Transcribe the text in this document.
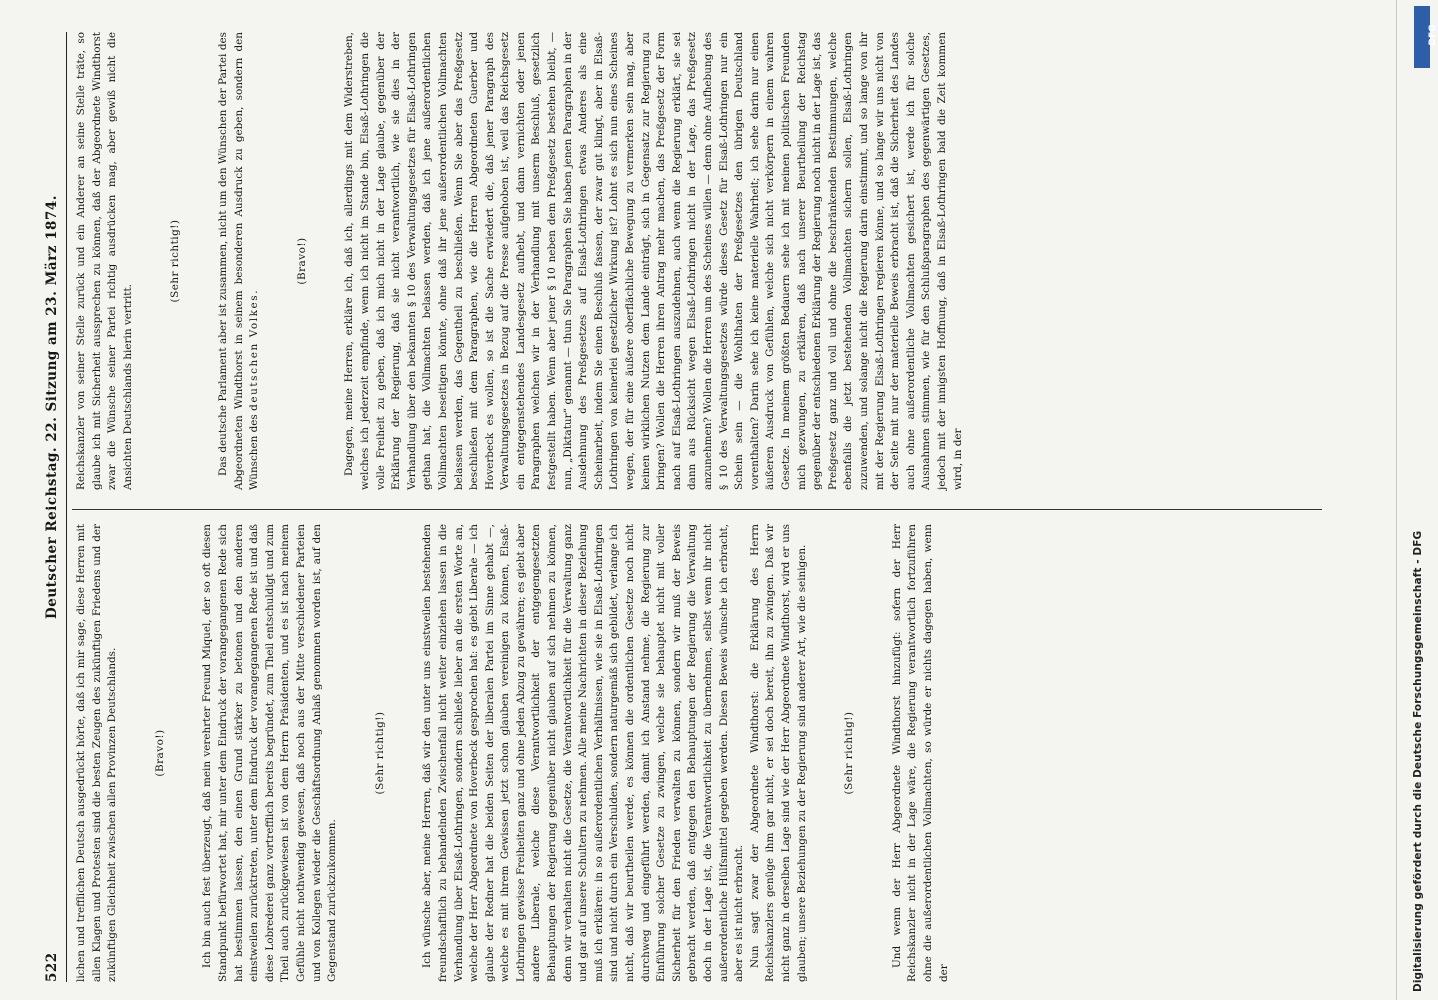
522
Deutscher Reichstag. 22. Sitzung am 23. März 1874.

lichen und trefflichen Deutsch ausgedrückt hörte, daß ich mir sage, diese Herren mit allen Klagen und Protesten sind die besten Zeugen des zukünftigen Friedens und der zukünftigen Gleichheit zwischen allen Provinzen Deutschlands.	(Bravo!)	Ich bin auch fest überzeugt, daß mein verehrter Freund Miquel, der so oft diesen Standpunkt befürwortet hat, mir unter dem Eindruck der vorangegangenen Rede sich hat bestimmen lassen, den einen Grund stärker zu betonen und den anderen einstweilen zurücktreten, unter dem Eindruck der vorangegangenen Rede ist und daß diese Lobrederei ganz vortrefflich bereits begründet, zum Theil entschuldigt und zum Theil auch zurückgewiesen ist von dem Herrn Präsidenten, und es ist nach meinem Gefühle nicht nothwendig gewesen, daß noch aus der Mitte verschiedener Parteien und von Kollegen wieder die Geschäftsordnung Anlaß genommen worden ist, auf den Gegenstand zurückzukommen.

(Sehr richtig!)	Ich wünsche aber, meine Herren, daß wir den unter uns einstweilen bestehenden freundschaftlich zu behandelnden Zwischenfall nicht weiter einziehen lassen in die Verhandlung über Elsaß-Lothringen, sondern schließe lieber an die ersten Worte an, welche der Herr Abgeordnete von Hoverbeck gesprochen hat: es giebt Liberale — ich glaube der Redner hat die beiden Seiten der liberalen Partei im Sinne gehabt —, welche es mit ihrem Gewissen jetzt schon glauben vereinigen zu können, Elsaß-Lothringen gewisse Freiheiten ganz und ohne jeden Abzug zu gewähren; es giebt aber andere Liberale, welche diese Verantwortlichkeit der entgegengesetzten Behauptungen der Regierung gegenüber nicht glauben auf sich nehmen zu können, denn wir verhalten nicht die Gesetze, die Verantwortlichkeit für die Verwaltung ganz und gar auf unsere Schultern zu nehmen. Alle meine Nachrichten in dieser Beziehung muß ich erklären: in so außerordentlichen Verhältnissen, wie sie in Elsaß-Lothringen sind und nicht durch ein Verschulden, sondern naturgemäß sich gebildet, verlange ich nicht, daß wir beurtheilen werde, es können die ordentlichen Gesetze noch nicht durchweg und eingeführt werden, damit ich Anstand nehme, die Regierung zur Einführung solcher Gesetze zu zwingen, welche sie behauptet nicht mit voller Sicherheit für den Frieden verwalten zu können, sondern wir muß der Beweis gebracht werden, daß entgegen den Behauptungen der Regierung die Verwaltung doch in der Lage ist, die Verantwortlichkeit zu übernehmen, selbst wenn ihr nicht außerordentliche Hülfsmittel gegeben werden. Diesen Beweis wünsche ich erbracht, aber es ist nicht erbracht. Nun sagt zwar der Abgeordnete Windthorst: die Erklärung des Herrn Reichskanzlers genüge ihm gar nicht, er sei doch bereit, ihn zu zwingen. Daß wir nicht ganz in derselben Lage sind wie der Herr Abgeordnete Windthorst, wird er uns glauben; unsere Beziehungen zu der Regierung sind anderer Art, wie die seinigen.	(Sehr richtig!)	Und wenn der Herr Abgeordnete Windthorst hinzufügt: sofern der Herr Reichskanzler nicht in der Lage wäre, die Regierung verantwortlich fortzuführen ohne die außerordentlichen Vollmachten, so würde er nichts dagegen haben, wenn der

Reichskanzler von seiner Stelle zurück und ein Anderer an seine Stelle träte, so glaube ich mit Sicherheit aussprechen zu können, daß der Abgeordnete Windthorst zwar die Wünsche seiner Partei richtig ausdrücken mag, aber gewiß nicht die Ansichten Deutschlands hierin vertritt.

(Sehr richtig!)	Das deutsche Parlament aber ist zusammen, nicht um den Wünschen der Partei des Abgeordneten Windthorst in seinem besonderen Ausdruck zu geben, sondern den Wünschen des deutschen Volkes.

(Bravo!)	Dagegen, meine Herren, erkläre ich, daß ich, allerdings mit dem Widerstreben, welches ich jederzeit empfinde, wenn ich nicht im Stande bin, Elsaß-Lothringen die volle Freiheit zu geben, daß ich mich nicht in der Lage glaube, gegenüber der Erklärung der Regierung, daß sie nicht verantwortlich, wie sie dies in der Verhandlung über den bekannten § 10 des Verwaltungsgesetzes für Elsaß-Lothringen gethan hat, die Vollmachten belassen werden, daß ich jene außerordentlichen Vollmachten beseitigen könnte, ohne daß ihr jene außerordentlichen Vollmachten belassen werden, das Gegentheil zu beschließen. Wenn Sie aber das Preßgesetz beschließen mit dem Paragraphen, wie die Herren Abgeordneten Guerber und Hoverbeck es wollen, so ist die Sache erwiedert die, daß jener Paragraph des Verwaltungsgesetzes in Bezug auf die Presse aufgehoben ist, weil das Reichsgesetz ein entgegenstehendes Landesgesetz aufhebt, und dann vernichten oder jenen Paragraphen welchen wir in der Verhandlung mit unserm Beschluß, gesetzlich festgestellt haben. Wenn aber jener § 10 neben dem Preßgesetz bestehen bleibt, — nun, „Diktatur“ genannt — thun Sie Paragraphen Sie haben jenen Paragraphen in der Ausdehnung des Preßgesetzes auf Elsaß-Lothringen etwas Anderes als eine Scheinarbeit, indem Sie einen Beschluß fassen, der zwar gut klingt, aber in Elsaß-Lothringen von keinerlei gesetzlicher Wirkung ist? Lohnt es sich nun eines Scheines wegen, der für eine äußere oberflächliche Bewegung zu vermerken sein mag, aber keinen wirklichen Nutzen dem Lande einträgt, sich in Gegensatz zur Regierung zu bringen? Wollen die Herren ihren Antrag mehr machen, das Preßgesetz der Form nach auf Elsaß-Lothringen auszudehnen, auch wenn die Regierung erklärt, sie sei dann aus Rücksicht wegen Elsaß-Lothringen nicht in der Lage, das Preßgesetz anzunehmen? Wollen die Herren um des Scheines willen — denn ohne Aufhebung des § 10 des Verwaltungsgesetzes würde dieses Gesetz für Elsaß-Lothringen nur ein Schein sein — die Wohlthaten der Preßgesetzes den übrigen Deutschland vorenthalten? Darin sehe ich keine materielle Wahrheit; ich sehe darin nur einen äußeren Ausdruck von Gefühlen, welche sich nicht verkörpern in einem wahren Gesetze. In meinem größten Bedauern sehe ich mit meinen politischen Freunden mich gezwungen, zu erklären, daß nach unserer Beurtheilung der Reichstag gegenüber der entschiedenen Erklärung der Regierung noch nicht in der Lage ist, das Preßgesetz ganz und voll und ohne die beschränkenden Bestimmungen, welche ebenfalls die jetzt bestehenden Vollmachten sichern sollen, Elsaß-Lothringen zuzuwenden, und solange nicht die Regierung darin einstimmt, und so lange von ihr mit der Regierung Elsaß-Lothringen regieren könne, und so lange wir uns nicht von der Seite mit nur der materielle Beweis erbracht ist, daß die Sicherheit des Landes auch ohne außerordentliche Vollmachten gesichert ist, werde ich für solche Ausnahmen stimmen, wie für den Schlußparagraphen des gegenwärtigen Gesetzes, jedoch mit der innigsten Hoffnung, daß in Elsaß-Lothringen bald die Zeit kommen wird, in der

Digitalisierung gefördert durch die Deutsche Forschungsgemeinschaft - DFG
DFG
